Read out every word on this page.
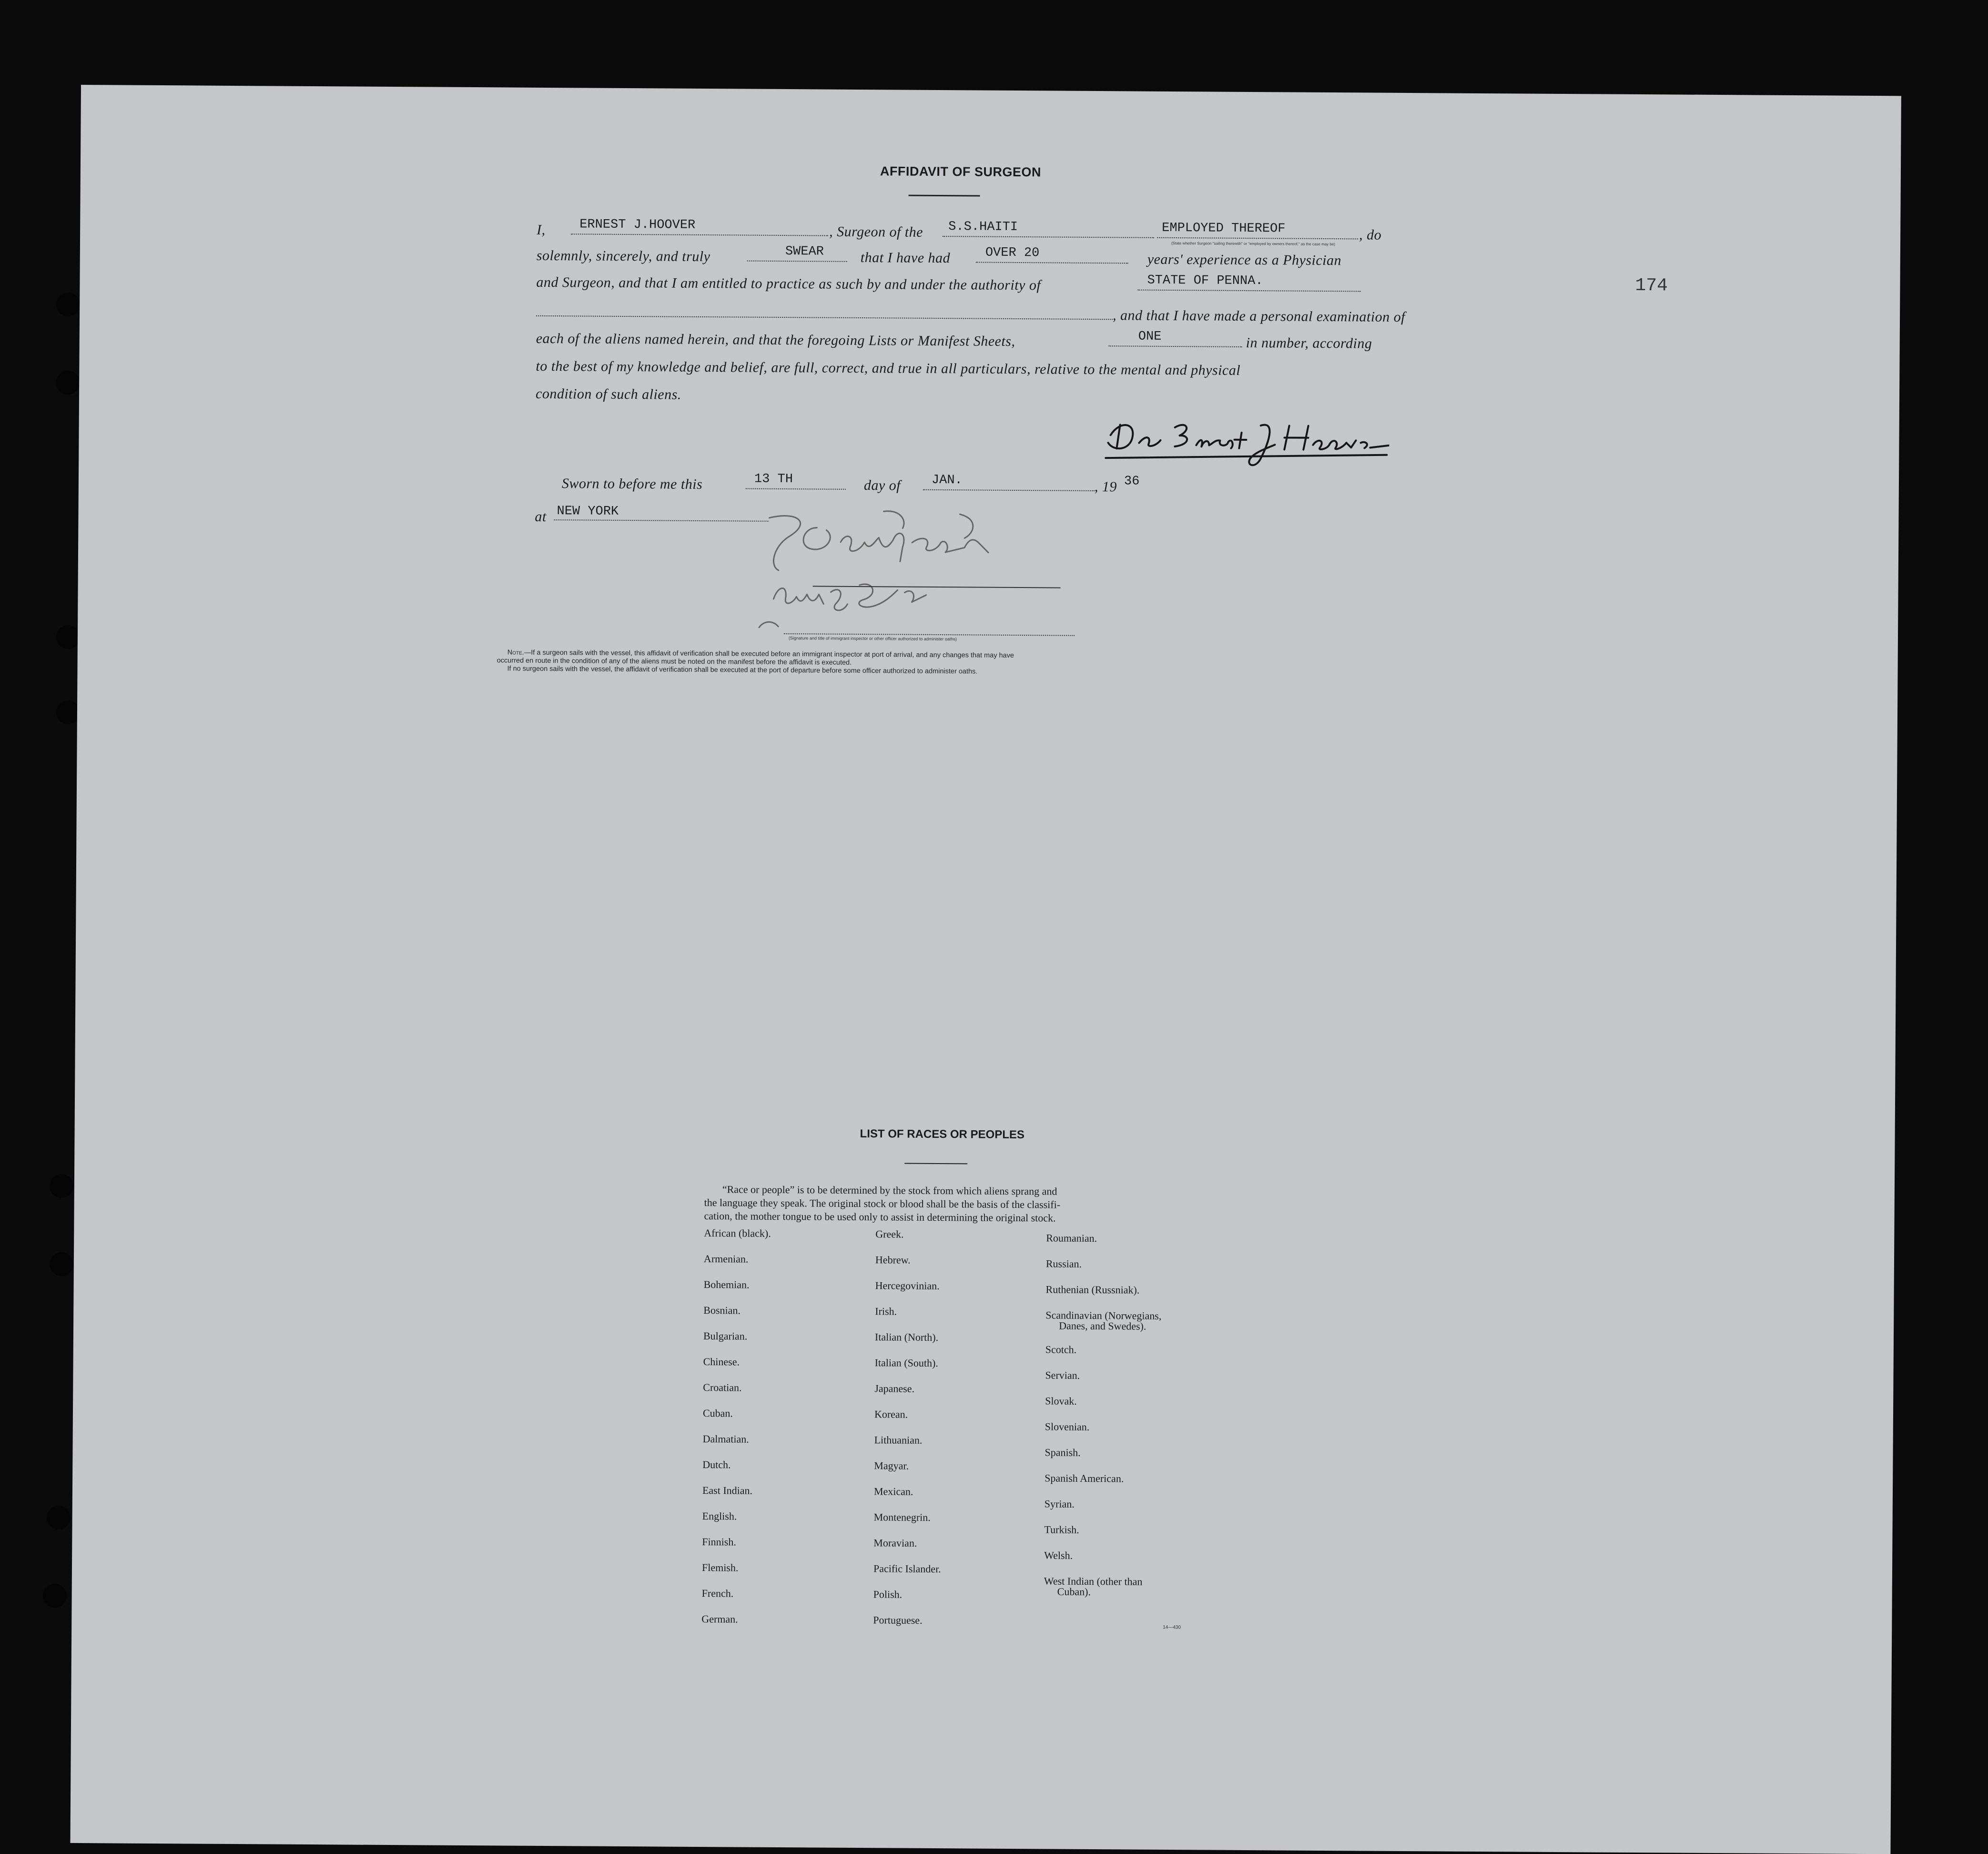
174
AFFIDAVIT OF SURGEON
I,	ERNEST J.HOOVER	, Surgeon of the S.S.HAITI	EMPLOYED THEREOF
(State whether Surgeon "sailing therewith" or "employed by owners thereof," as the case may be)
, do
solemnly, sincerely, and truly	SWEAR	that I have had	OVER 20	years' experience as a Physician
and Surgeon, and that I am entitled to practice as such by and under the authority of	STATE OF PENNA.
, and that I have made a personal examination of
each of the aliens named herein, and that the foregoing Lists or Manifest Sheets,	ONE	in number, according
to the best of my knowledge and belief, are full, correct, and true in all particulars, relative to the mental and physical
condition of such aliens.
Sworn to before me this	13 TH	day of JAN.	, 19 36
at NEW YORK
(Signature and title of immigrant inspector or other officer authorized to administer oaths)
Note.—If a surgeon sails with the vessel, this affidavit of verification shall be executed before an immigrant inspector at port of arrival, and any changes that may have
occurred en route in the condition of any of the aliens must be noted on the manifest before the affidavit is executed.
If no surgeon sails with the vessel, the affidavit of verification shall be executed at the port of departure before some officer authorized to administer oaths.
LIST OF RACES OR PEOPLES
“Race or people” is to be determined by the stock from which aliens sprang and
the language they speak. The original stock or blood shall be the basis of the classifi-
cation, the mother tongue to be used only to assist in determining the original stock.
African (black).
Armenian.
Bohemian.
Bosnian.
Bulgarian.
Chinese.
Croatian.
Cuban.
Dalmatian.
Dutch.
East Indian.
English.
Finnish.
Flemish.
French.
German.
Greek.
Hebrew.
Hercegovinian.
Irish.
Italian (North).
Italian (South).
Japanese.
Korean.
Lithuanian.
Magyar.
Mexican.
Montenegrin.
Moravian.
Pacific Islander.
Polish.
Portuguese.
Roumanian.
Russian.
Ruthenian (Russniak).
Scandinavian (Norwegians,
Danes, and Swedes).
Scotch.
Servian.
Slovak.
Slovenian.
Spanish.
Spanish American.
Syrian.
Turkish.
Welsh.
West Indian (other than
Cuban).
14—430
